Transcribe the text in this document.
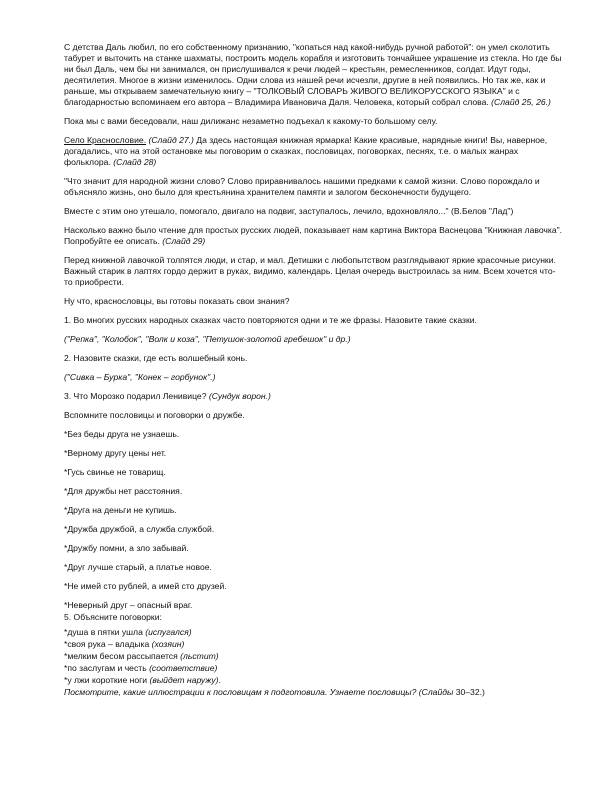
С детства Даль любил, по его собственному признанию, "копаться над какой-нибудь ручной работой": он умел сколотить табурет и выточить на станке шахматы, построить модель корабля и изготовить тончайшее украшение из стекла. Но где бы ни был Даль, чем бы ни занимался, он прислушивался к речи людей – крестьян, ремесленников, солдат. Идут годы, десятилетия. Многое в жизни изменилось. Одни слова из нашей речи исчезли, другие в ней появились. Но так же, как и раньше, мы открываем замечательную книгу – "ТОЛКОВЫЙ СЛОВАРЬ ЖИВОГО ВЕЛИКОРУССКОГО ЯЗЫКА" и с благодарностью вспоминаем его автора – Владимира Ивановича Даля. Человека, который собрал слова. (Слайд 25, 26.)

Пока мы с вами беседовали, наш дилижанс незаметно подъехал к какому-то большому селу.

Село Краснословие. (Слайд 27.) Да здесь настоящая книжная ярмарка! Какие красивые, нарядные книги! Вы, наверное, догадались, что на этой остановке мы поговорим о сказках, пословицах, поговорках, песнях, т.е. о малых жанрах фольклора. (Слайд 28)

"Что значит для народной жизни слово? Слово приравнивалось нашими предками к самой жизни. Слово порождало и объясняло жизнь, оно было для крестьянина хранителем памяти и залогом бесконечности будущего.

Вместе с этим оно утешало, помогало, двигало на подвиг, заступалось, лечило, вдохновляло..." (В.Белов "Лад")

Насколько важно было чтение для простых русских людей, показывает нам картина Виктора Васнецова "Книжная лавочка". Попробуйте ее описать. (Слайд 29)

Перед книжной лавочкой толпятся люди, и стар, и мал. Детишки с любопытством разглядывают яркие красочные рисунки. Важный старик в лаптях гордо держит в руках, видимо, календарь. Целая очередь выстроилась за ним. Всем хочется что-то приобрести.

Ну что, краснословцы, вы готовы показать свои знания?

1. Во многих русских народных сказках часто повторяются одни и те же фразы. Назовите такие сказки.

("Репка", "Колобок", "Волк и коза", "Петушок-золотой гребешок" и др.)

2. Назовите сказки, где есть волшебный конь.

("Сивка – Бурка", "Конек – горбунок".)

3. Что Морозко подарил Ленивице? (Сундук ворон.)

Вспомните пословицы и поговорки о дружбе.

*Без беды друга не узнаешь.

*Верному другу цены нет.

*Гусь свинье не товарищ.

*Для дружбы нет расстояния.

*Друга на деньги не купишь.

*Дружба дружбой, а служба службой.

*Дружбу помни, а зло забывай.

*Друг лучше старый, а платье новое.

*Не имей сто рублей, а имей сто друзей.

*Неверный друг – опасный враг.

5. Объясните поговорки:

*душа в пятки ушла (испугался)

*своя рука – владыка (хозяин)

*мелким бесом рассыпается (льстит)

*по заслугам и честь (соответствие)

*у лжи короткие ноги (выйдет наружу).

Посмотрите, какие иллюстрации к пословицам я подготовила. Узнаете пословицы? (Слайды 30–32.)
